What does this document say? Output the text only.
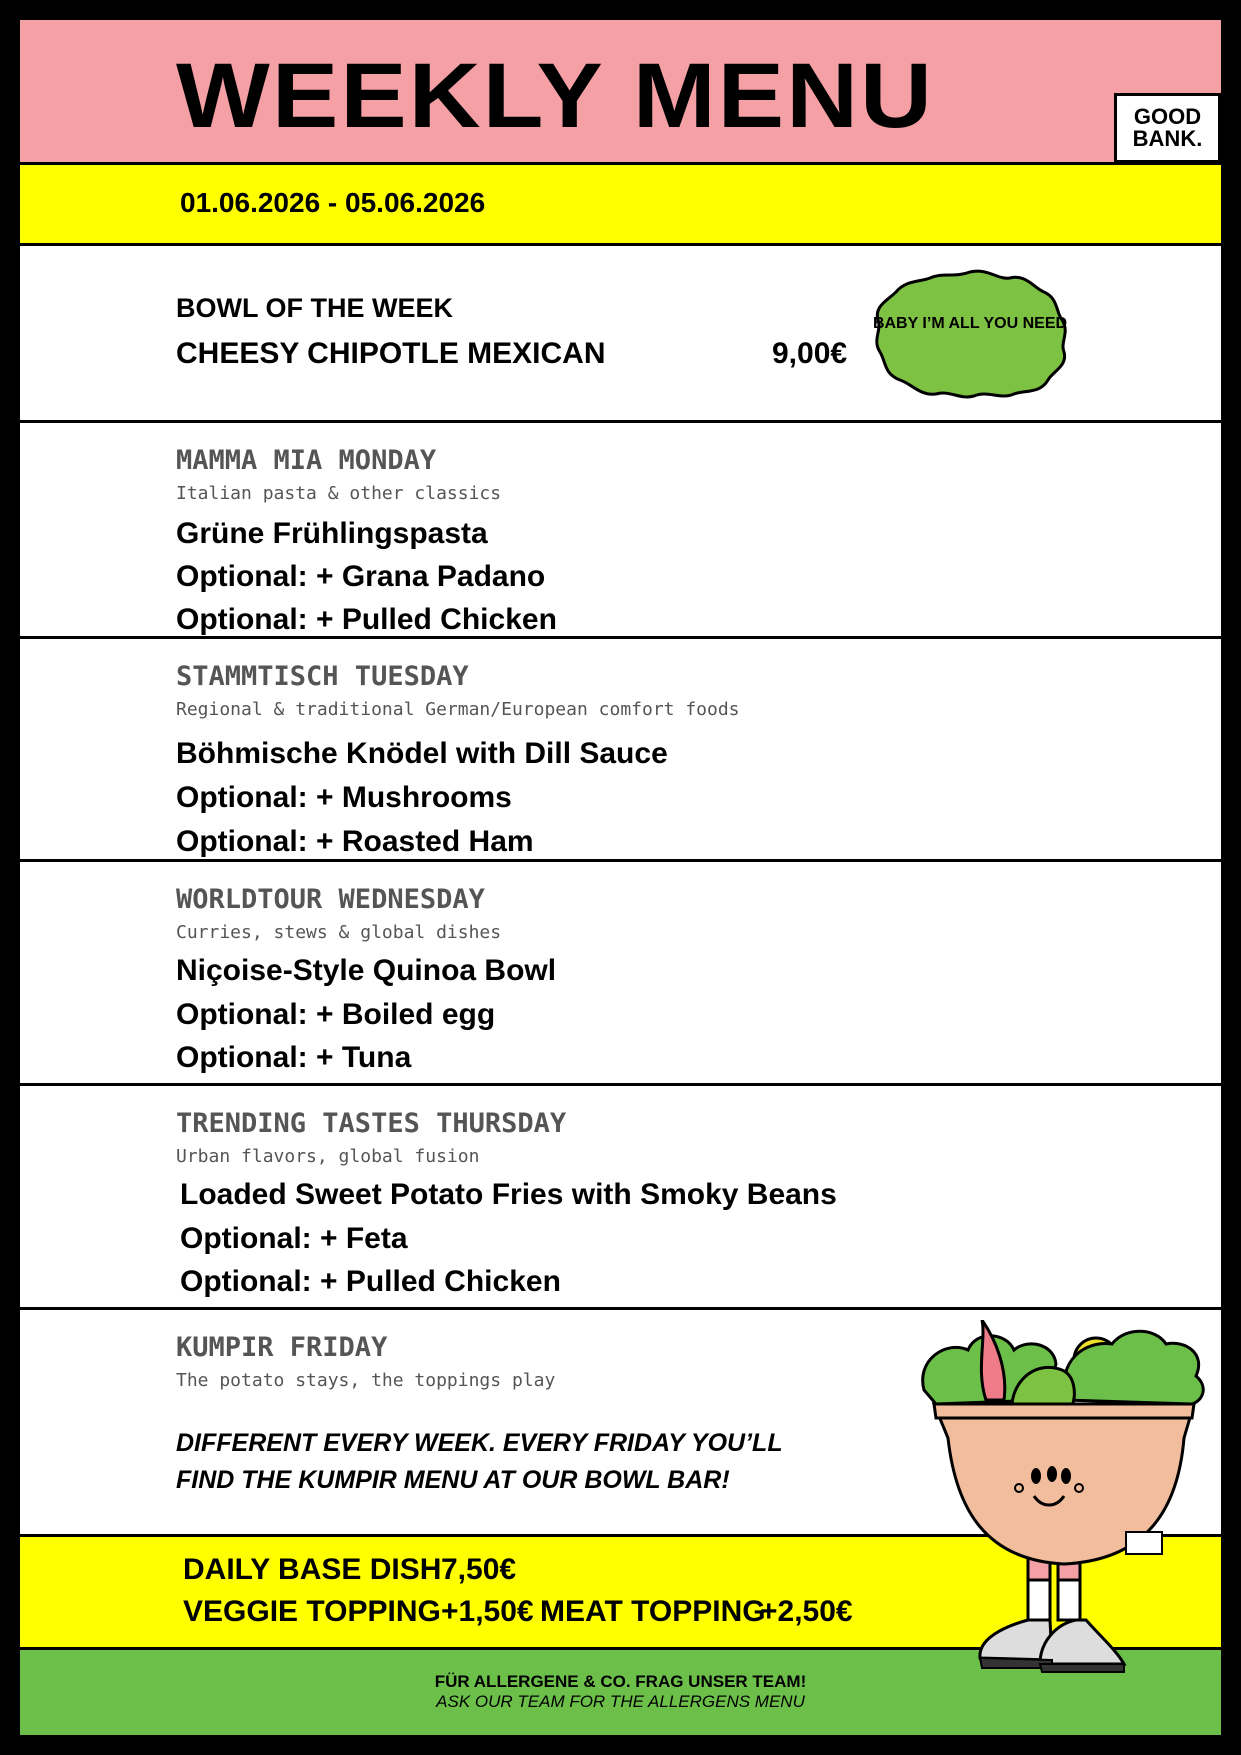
WEEKLY MENU	GOOD
BANK.
01.06.2026 - 05.06.2026
BOWL OF THE WEEK
CHEESY CHIPOTLE MEXICAN	9,00€
BABY I’M ALL YOU NEED
MAMMA MIA MONDAY
Italian pasta & other classics
Grüne Frühlingspasta
Optional: + Grana Padano
Optional: + Pulled Chicken
STAMMTISCH TUESDAY
Regional & traditional German/European comfort foods
Böhmische Knödel with Dill Sauce
Optional: + Mushrooms
Optional: + Roasted Ham
WORLDTOUR WEDNESDAY
Curries, stews & global dishes
Niçoise-Style Quinoa Bowl
Optional: + Boiled egg
Optional: + Tuna
TRENDING TASTES THURSDAY
Urban flavors, global fusion
Loaded Sweet Potato Fries with Smoky Beans
Optional: + Feta
Optional: + Pulled Chicken
KUMPIR FRIDAY
The potato stays, the toppings play
DIFFERENT EVERY WEEK. EVERY FRIDAY YOU’LL
FIND THE KUMPIR MENU AT OUR BOWL BAR!
DAILY BASE DISH 7,50€
VEGGIE TOPPING +1,50€ MEAT TOPPING
+2,50€
FÜR ALLERGENE & CO. FRAG UNSER TEAM!
ASK OUR TEAM FOR THE ALLERGENS MENU
